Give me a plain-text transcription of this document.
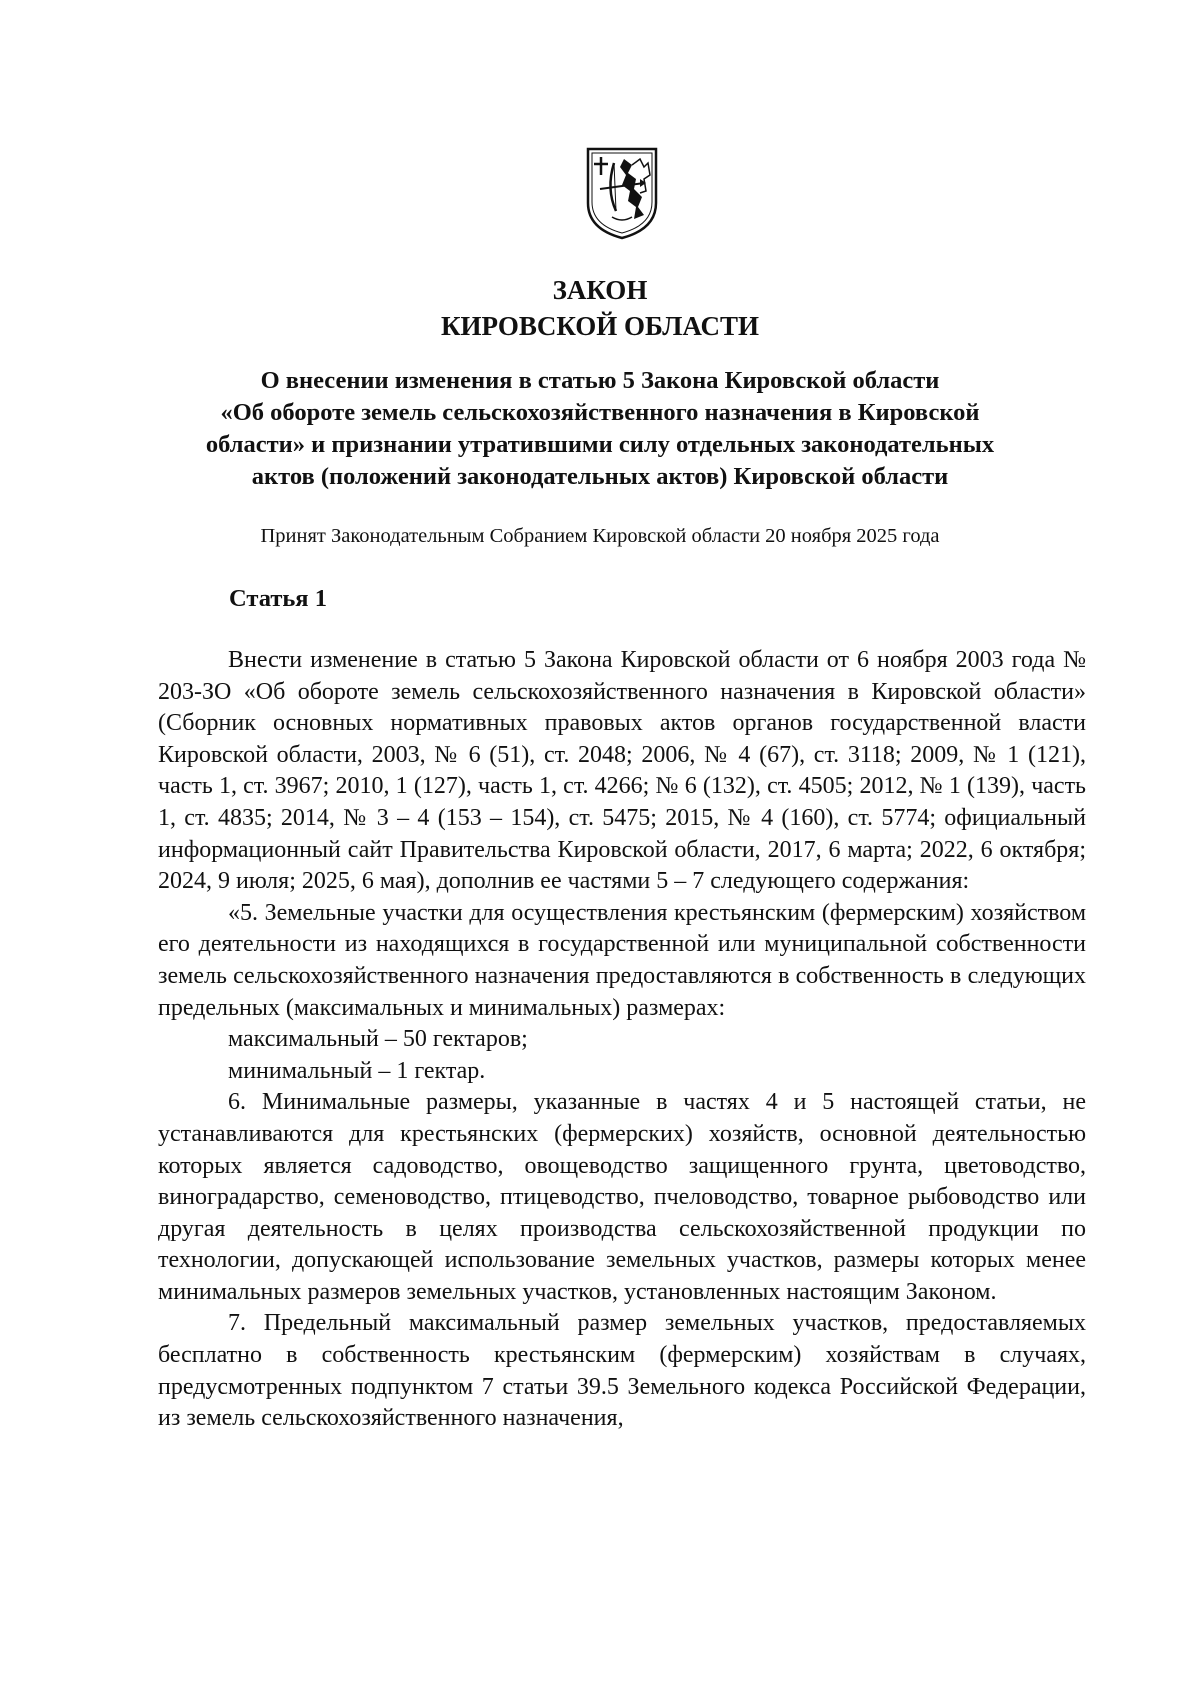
ЗАКОН
КИРОВСКОЙ ОБЛАСТИ
О внесении изменения в статью 5 Закона Кировской области
«Об обороте земель сельскохозяйственного назначения в Кировской
области» и признании утратившими силу отдельных законодательных
актов (положений законодательных актов) Кировской области
Принят Законодательным Собранием Кировской области 20 ноября 2025 года
Статья 1

Внести изменение в статью 5 Закона Кировской области от 6 ноября 2003 года № 203-ЗО «Об обороте земель сельскохозяйственного назначения в Кировской области» (Сборник основных нормативных правовых актов органов государственной власти Кировской области, 2003, № 6 (51), ст. 2048; 2006, № 4 (67), ст. 3118; 2009, № 1 (121), часть 1, ст. 3967; 2010, 1 (127), часть 1, ст. 4266; № 6 (132), ст. 4505; 2012, № 1 (139), часть 1, ст. 4835; 2014, № 3 – 4 (153 – 154), ст. 5475; 2015, № 4 (160), ст. 5774; официальный информационный сайт Правительства Кировской области, 2017, 6 марта; 2022, 6 октября; 2024, 9 июля; 2025, 6 мая), дополнив ее частями 5 – 7 следующего содержания:

«5. Земельные участки для осуществления крестьянским (фермерским) хозяйством его деятельности из находящихся в государственной или муниципальной собственности земель сельскохозяйственного назначения предоставляются в собственность в следующих предельных (максимальных и минимальных) размерах:

максимальный – 50 гектаров;

минимальный – 1 гектар.

6. Минимальные размеры, указанные в частях 4 и 5 настоящей статьи, не устанавливаются для крестьянских (фермерских) хозяйств, основной деятельностью которых является садоводство, овощеводство защищенного грунта, цветоводство, виноградарство, семеноводство, птицеводство, пчеловодство, товарное рыбоводство или другая деятельность в целях производства сельскохозяйственной продукции по технологии, допускающей использование земельных участков, размеры которых менее минимальных размеров земельных участков, установленных настоящим Законом.

7. Предельный максимальный размер земельных участков, предоставляемых бесплатно в собственность крестьянским (фермерским) хозяйствам в случаях, предусмотренных подпунктом 7 статьи 39.5 Земельного кодекса Российской Федерации, из земель сельскохозяйственного назначения,
